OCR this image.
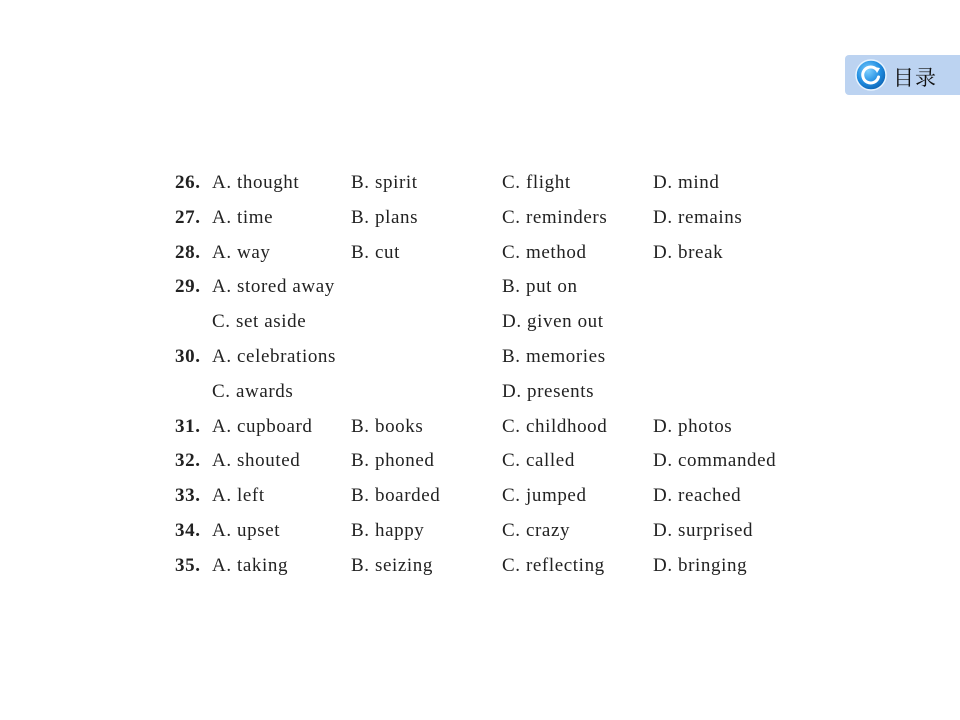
目录
26. A. thought	B. spirit	C. flight	D. mind
27. A. time	B. plans	C. reminders D. remains
28. A. way	B. cut	C. method	D. break
29. A. stored away	B. put on
C. set aside	D. given out
30. A. celebrations	B. memories
C. awards	D. presents
31. A. cupboard B. books	C. childhood D. photos
32. A. shouted	B. phoned	C. called	D. commanded
33. A. left	B. boarded	C. jumped	D. reached
34. A. upset	B. happy	C. crazy	D. surprised
35. A. taking	B. seizing	C. reflecting	D. bringing
